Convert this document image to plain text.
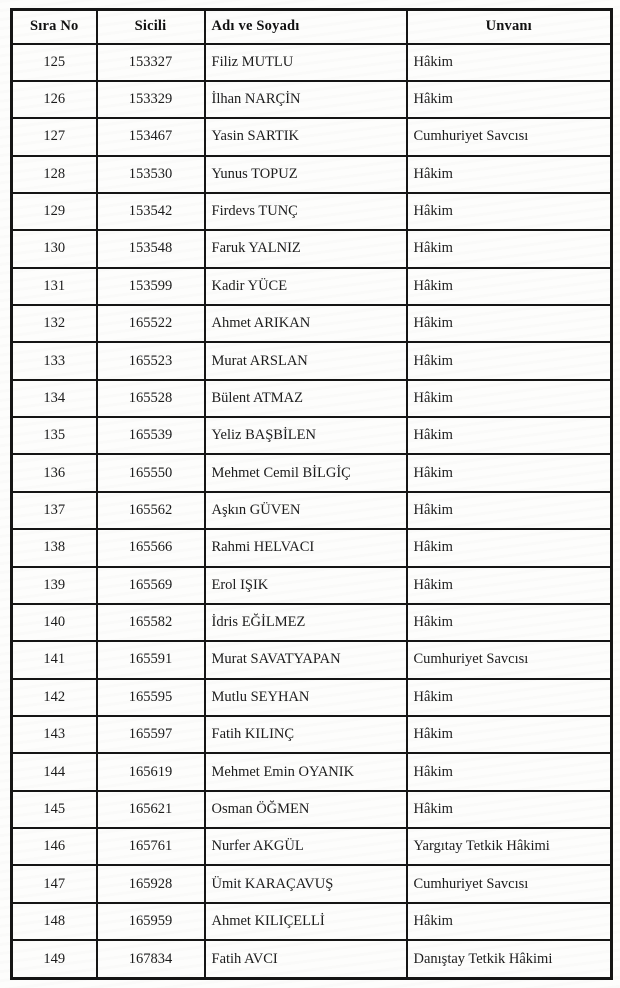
Sıra No	Sicili	Adı ve Soyadı	Unvanı
125	153327	Filiz MUTLU	Hâkim
126	153329	İlhan NARÇİN	Hâkim
127	153467	Yasin SARTIK	Cumhuriyet Savcısı
128	153530	Yunus TOPUZ	Hâkim
129	153542	Firdevs TUNÇ	Hâkim
130	153548	Faruk YALNIZ	Hâkim
131	153599	Kadir YÜCE	Hâkim
132	165522	Ahmet ARIKAN	Hâkim
133	165523	Murat ARSLAN	Hâkim
134	165528	Bülent ATMAZ	Hâkim
135	165539	Yeliz BAŞBİLEN	Hâkim
136	165550	Mehmet Cemil BİLGİÇ	Hâkim
137	165562	Aşkın GÜVEN	Hâkim
138	165566	Rahmi HELVACI	Hâkim
139	165569	Erol IŞIK	Hâkim
140	165582	İdris EĞİLMEZ	Hâkim
141	165591	Murat SAVATYAPAN	Cumhuriyet Savcısı
142	165595	Mutlu SEYHAN	Hâkim
143	165597	Fatih KILINÇ	Hâkim
144	165619	Mehmet Emin OYANIK	Hâkim
145	165621	Osman ÖĞMEN	Hâkim
146	165761	Nurfer AKGÜL	Yargıtay Tetkik Hâkimi
147	165928	Ümit KARAÇAVUŞ	Cumhuriyet Savcısı
148	165959	Ahmet KILIÇELLİ	Hâkim
149	167834	Fatih AVCI	Danıştay Tetkik Hâkimi
